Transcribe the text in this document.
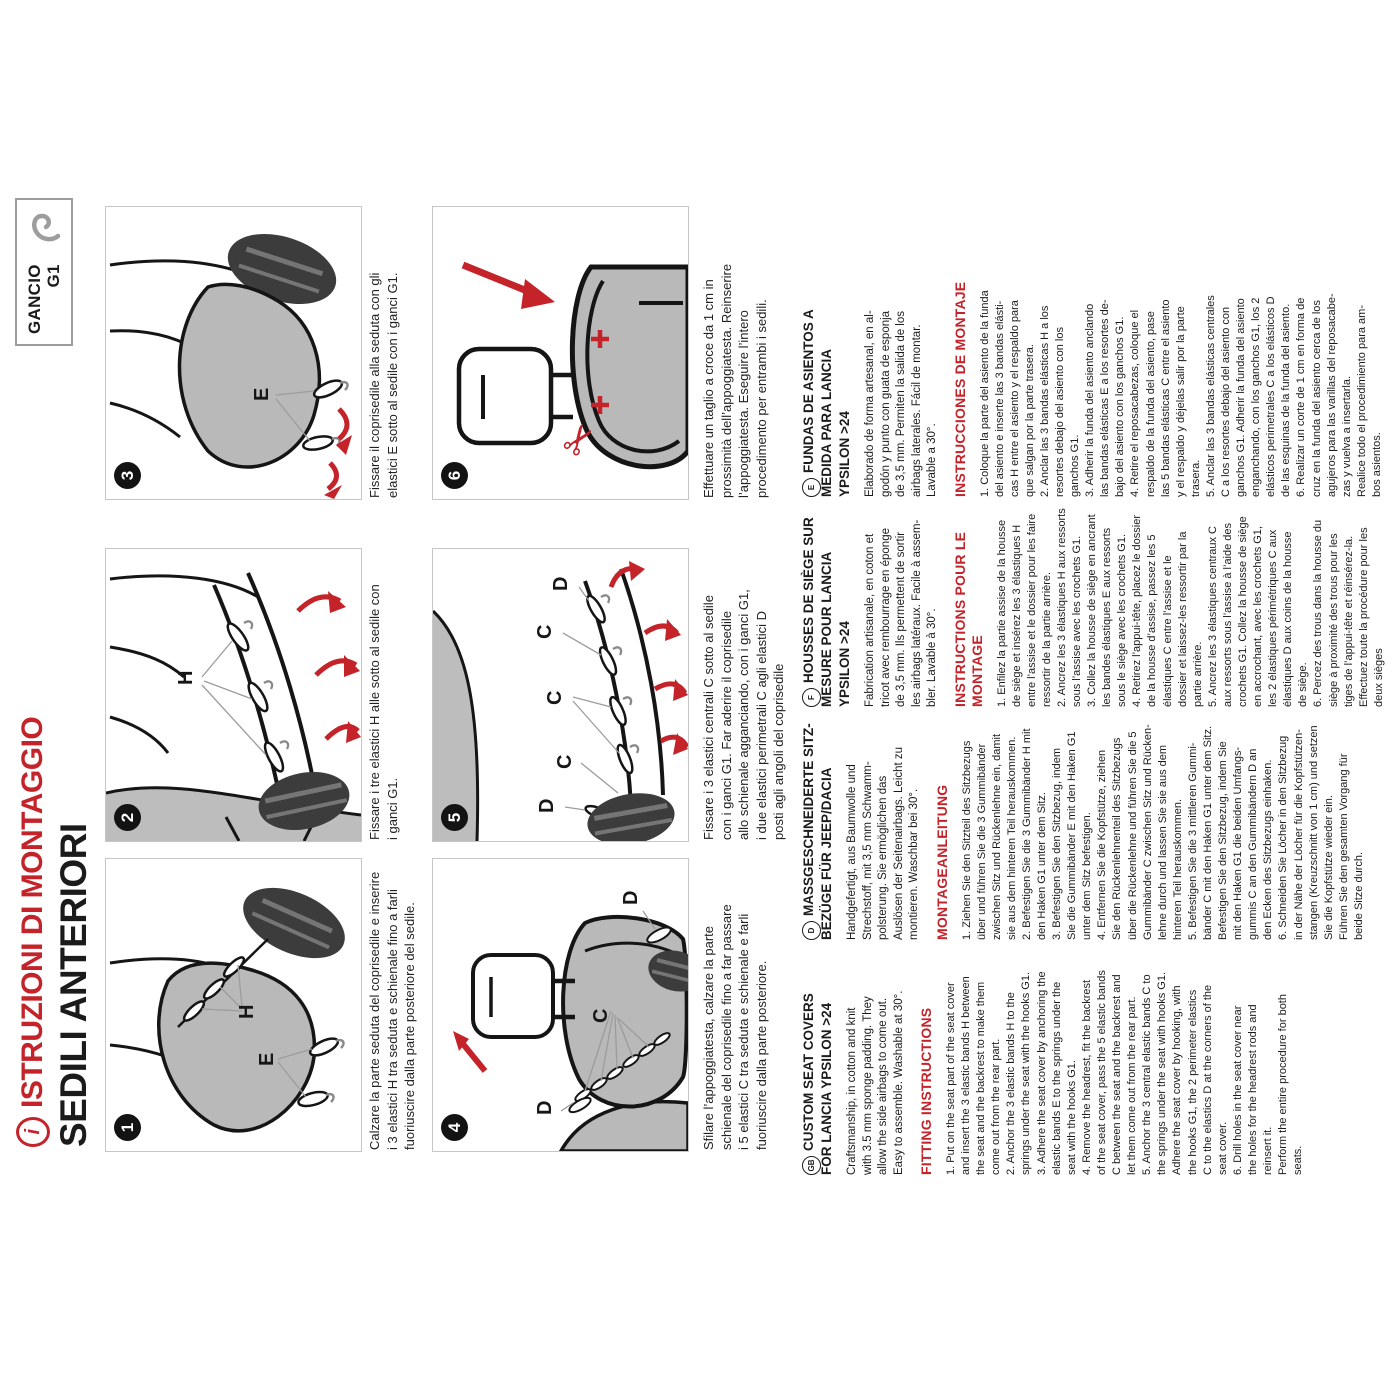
i
ISTRUZIONI DI MONTAGGIO SEDILI ANTERIORI
GANCIO G1
H
E
1
H
2
E
3
D
C
D
4
D
C
C
C
D
5
✂
6
Calzare la parte seduta del coprisedile e inserire i 3 elastici H tra seduta e schienale fino a farli fuoriuscire dalla parte posteriore del sedile.
Fissare i tre elastici H alle sotto al sedile con i ganci G1.
Fissare il coprisedile alla seduta con gli elastici E sotto al sedile con i ganci G1.
Sfilare l’appoggiatesta, calzare la parte schienale del coprisedile fino a far passare i 5 elastici C tra seduta e schienale e farli fuoriuscire dalla parte posteriore.
Fissare i 3 elastici centrali C sotto al sedile con i ganci G1. Far aderire il coprisedile allo schienale agganciando, con i ganci G1, i due elastici perimetrali C agli elastici D posti agli angoli del coprisedile
Effettuare un taglio a croce da 1 cm in prossimità dell’appoggiatesta. Reinserire l’appoggiatesta. Eseguire l’intero procedimento per entrambi i sedili.
GB
CUSTOM SEAT COVERS FOR LANCIA YPSILON >24 Craftsmanship, in cotton and knit with 3.5 mm sponge padding. They allow the side airbags to come out. Easy to assemble. Washable at 30°. FITTING INSTRUCTIONS 1. Put on the seat part of the seat cover and insert the 3 elastic bands H between the seat and the backrest to make them come out from the rear part. 2. Anchor the 3 elastic bands H to the springs under the seat with the hooks G1. 3. Adhere the seat cover by anchoring the elastic bands E to the springs under the seat with the hooks G1. 4. Remove the headrest, fit the backrest of the seat cover, pass the 5 elastic bands C between the seat and the backrest and let them come out from the rear part. 5. Anchor the 3 central elastic bands C to the springs under the seat with hooks G1. Adhere the seat cover by hooking, with the hooks G1, the 2 perimeter elastics C to the elastics D at the corners of the seat cover. 6. Drill holes in the seat cover near the holes for the headrest rods and reinsert it. Perform the entire procedure for both seats.
D
MASSGESCHNEIDERTE SITZ- BEZÜGE FÜR JEEP/DACIA Handgefertigt, aus Baumwolle und Strechstoff, mit 3,5 mm Schwamm- polsterung. Sie ermöglichen das Auslösen der Seitenairbags. Leicht zu montieren. Waschbar bei 30°. MONTAGEANLEITUNG 1. Ziehen Sie den Sitzteil des Sitzbezugs über und führen Sie die 3 Gummibänder zwischen Sitz und Rückenlehne ein, damit sie aus dem hinteren Teil herauskommen. 2. Befestigen Sie die 3 Gummibänder H mit den Haken G1 unter dem Sitz. 3. Befestigen Sie den Sitzbezug, indem Sie die Gummibänder E mit den Haken G1 unter dem Sitz befestigen. 4. Entfernen Sie die Kopfstütze, ziehen Sie den Rückenlehnenteil des Sitzbezugs über die Rückenlehne und führen Sie die 5 Gummibänder C zwischen Sitz und Rücken- lehne durch und lassen Sie sie aus dem hinteren Teil herauskommen. 5. Befestigen Sie die 3 mittleren Gummi- bänder C mit den Haken G1 unter dem Sitz. Befestigen Sie den Sitzbezug, indem Sie mit den Haken G1 die beiden Umfangs- gummis C an den Gummibändern D an den Ecken des Sitzbezugs einhaken. 6. Schneiden Sie Löcher in den Sitzbezug in der Nähe der Löcher für die Kopfstützen- stangen (Kreuzschnitt von 1 cm) und setzen Sie die Kopfstütze wieder ein. Führen Sie den gesamten Vorgang für beide Sitze durch.
F
HOUSSES DE SIÈGE SUR MESURE POUR LANCIA YPSILON >24 Fabrication artisanale, en coton et tricot avec rembourrage en éponge de 3,5 mm. Ils permettent de sortir les airbags latéraux. Facile à assem- bler. Lavable à 30°. INSTRUCTIONS POUR LE MONTAGE 1. Enfilez la partie assise de la housse de siège et insérez les 3 élastiques H entre l’assise et le dossier pour les faire ressortir de la partie arrière. 2. Ancrez les 3 élastiques H aux ressorts sous l’assise avec les crochets G1. 3. Collez la housse de siège en ancrant les bandes élastiques E aux ressorts sous le siège avec les crochets G1. 4. Retirez l’appui-tête, placez le dossier de la housse d’assise, passez les 5 élastiques C entre l’assise et le dossier et laissez-les ressortir par la partie arrière. 5. Ancrez les 3 élastiques centraux C aux ressorts sous l’assise à l’aide des crochets G1. Collez la housse de siège en accrochant, avec les crochets G1, les 2 élastiques périmétriques C aux élastiques D aux coins de la housse de siège. 6. Percez des trous dans la housse du siège à proximité des trous pour les tiges de l’appui-tête et réinsérez-la. Effectuez toute la procédure pour les deux sièges
E
FUNDAS DE ASIENTOS A MEDIDA PARA LANCIA YPSILON >24 Elaborado de forma artesanal, en al- godón y punto con guata de esponja de 3,5 mm. Permiten la salida de los airbags laterales. Fácil de montar. Lavable a 30°. INSTRUCCIONES DE MONTAJE 1. Coloque la parte del asiento de la funda del asiento e inserte las 3 bandas elásti- cas H entre el asiento y el respaldo para que salgan por la parte trasera. 2. Anclar las 3 bandas elásticas H a los resortes debajo del asiento con los ganchos G1. 3. Adherir la funda del asiento anclando las bandas elásticas E a los resortes de- bajo del asiento con los ganchos G1. 4. Retire el reposacabezas, coloque el respaldo de la funda del asiento, pase las 5 bandas elásticas C entre el asiento y el respaldo y déjelas salir por la parte trasera. 5. Anclar las 3 bandas elásticas centrales C a los resortes debajo del asiento con ganchos G1. Adherir la funda del asiento enganchando, con los ganchos G1, los 2 elásticos perimetrales C a los elásticos D de las esquinas de la funda del asiento. 6. Realizar un corte de 1 cm en forma de cruz en la funda del asiento cerca de los agujeros para las varillas del reposacabe- zas y vuelva a insertarla. Realice todo el procedimiento para am- bos asientos.
